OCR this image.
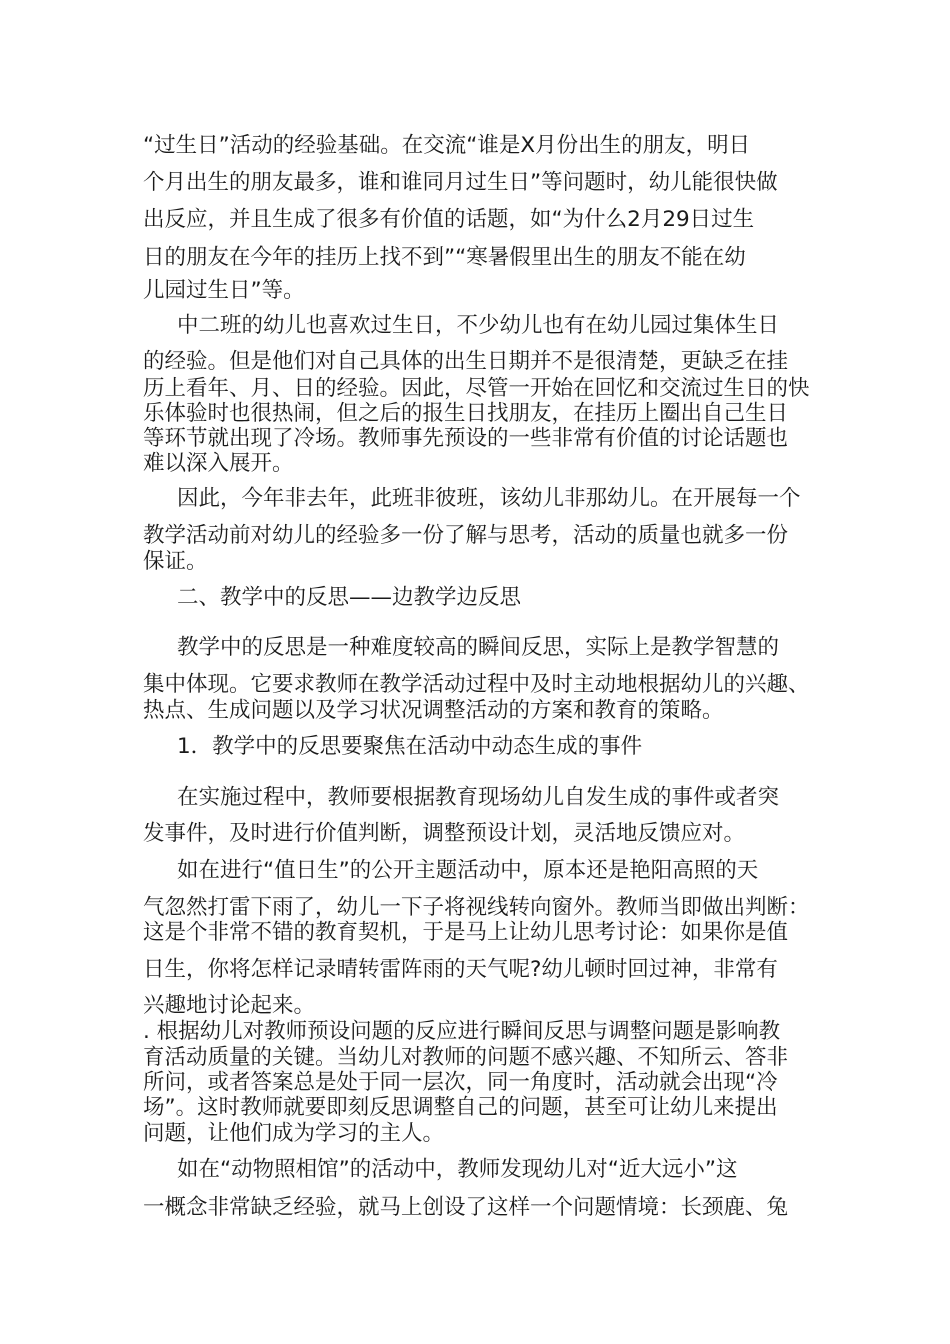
“过生日”活动的经验基础。在交流“谁是X月份出生的朋友，明日
个月出生的朋友最多，谁和谁同月过生日”等问题时，幼儿能很快做
出反应，并且生成了很多有价值的话题，如“为什么2月29日过生
日的朋友在今年的挂历上找不到”“寒暑假里出生的朋友不能在幼
儿园过生日”等。
中二班的幼儿也喜欢过生日，不少幼儿也有在幼儿园过集体生日
的经验。但是他们对自己具体的出生日期并不是很清楚，更缺乏在挂
历上看年、月、日的经验。因此，尽管一开始在回忆和交流过生日的快
乐体验时也很热闹，但之后的报生日找朋友，在挂历上圈出自己生日
等环节就出现了冷场。教师事先预设的一些非常有价值的讨论话题也
难以深入展开。
因此，今年非去年，此班非彼班，该幼儿非那幼儿。在开展每一个
教学活动前对幼儿的经验多一份了解与思考，活动的质量也就多一份
保证。
二、教学中的反思——边教学边反思
教学中的反思是一种难度较高的瞬间反思，实际上是教学智慧的
集中体现。它要求教师在教学活动过程中及时主动地根据幼儿的兴趣、
热点、生成问题以及学习状况调整活动的方案和教育的策略。
1．教学中的反思要聚焦在活动中动态生成的事件
在实施过程中，教师要根据教育现场幼儿自发生成的事件或者突
发事件，及时进行价值判断，调整预设计划，灵活地反馈应对。
如在进行“值日生”的公开主题活动中，原本还是艳阳高照的天
气忽然打雷下雨了，幼儿一下子将视线转向窗外。教师当即做出判断：
这是个非常不错的教育契机，于是马上让幼儿思考讨论：如果你是值
日生，你将怎样记录晴转雷阵雨的天气呢?幼儿顿时回过神，非常有
兴趣地讨论起来。
. 根据幼儿对教师预设问题的反应进行瞬间反思与调整问题是影响教
育活动质量的关键。当幼儿对教师的问题不感兴趣、不知所云、答非
所问，或者答案总是处于同一层次，同一角度时，活动就会出现“冷
场”。这时教师就要即刻反思调整自己的问题，甚至可让幼儿来提出
问题，让他们成为学习的主人。
如在“动物照相馆”的活动中，教师发现幼儿对“近大远小”这
一概念非常缺乏经验，就马上创设了这样一个问题情境：长颈鹿、兔
